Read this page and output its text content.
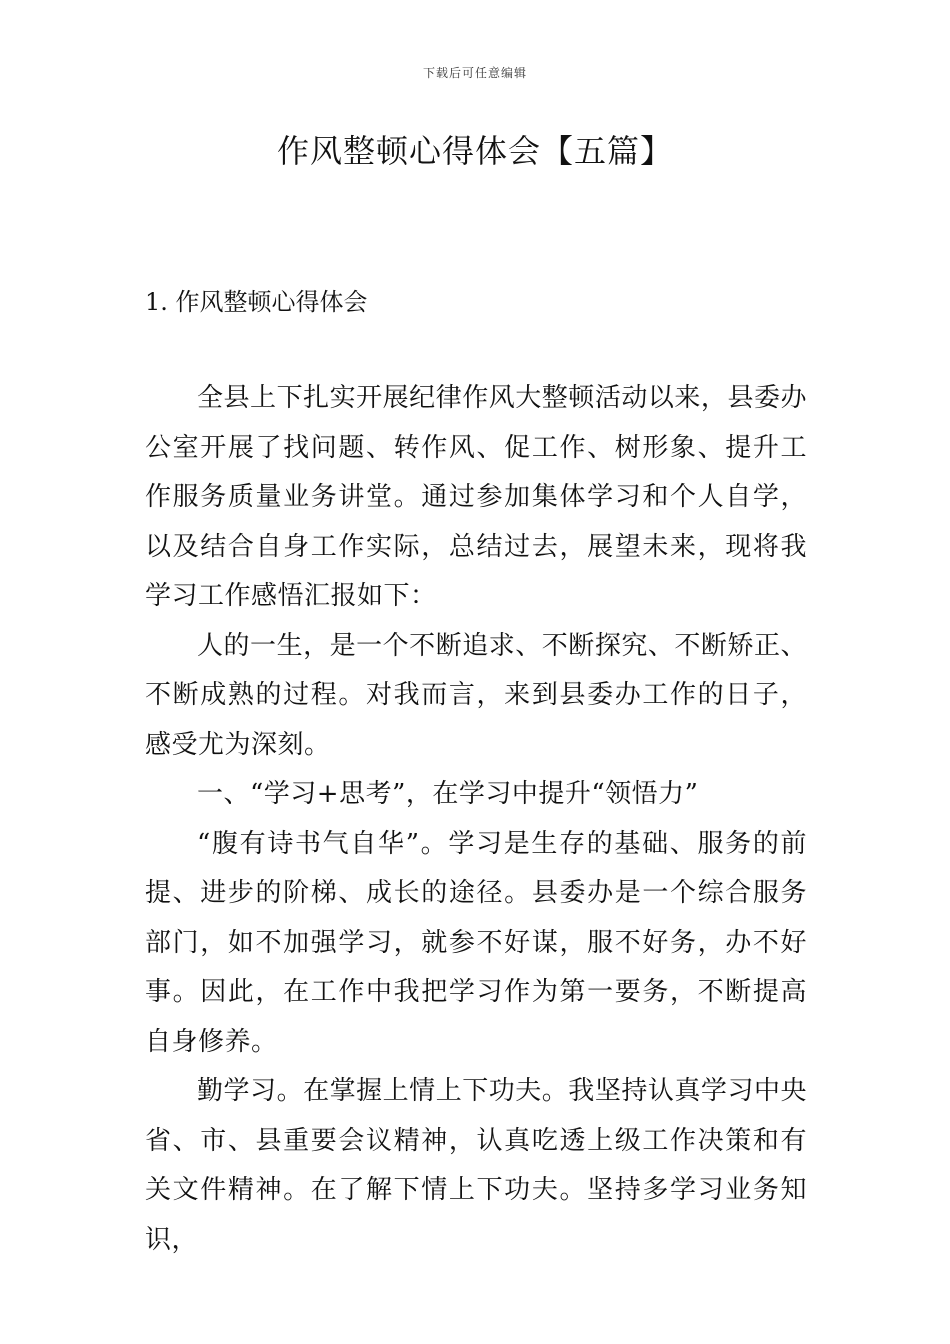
下载后可任意编辑
作风整顿心得体会【五篇】
1. 作风整顿心得体会

全县上下扎实开展纪律作风大整顿活动以来，县委办公室开展了找问题、转作风、促工作、树形象、提升工作服务质量业务讲堂。通过参加集体学习和个人自学，以及结合自身工作实际，总结过去，展望未来，现将我学习工作感悟汇报如下：

人的一生，是一个不断追求、不断探究、不断矫正、不断成熟的过程。对我而言，来到县委办工作的日子，感受尤为深刻。

一、“学习+思考”，在学习中提升“领悟力”

“腹有诗书气自华”。学习是生存的基础、服务的前提、进步的阶梯、成长的途径。县委办是一个综合服务部门，如不加强学习，就参不好谋，服不好务，办不好事。因此，在工作中我把学习作为第一要务，不断提高自身修养。

勤学习。在掌握上情上下功夫。我坚持认真学习中央省、市、县重要会议精神，认真吃透上级工作决策和有关文件精神。在了解下情上下功夫。坚持多学习业务知识，
